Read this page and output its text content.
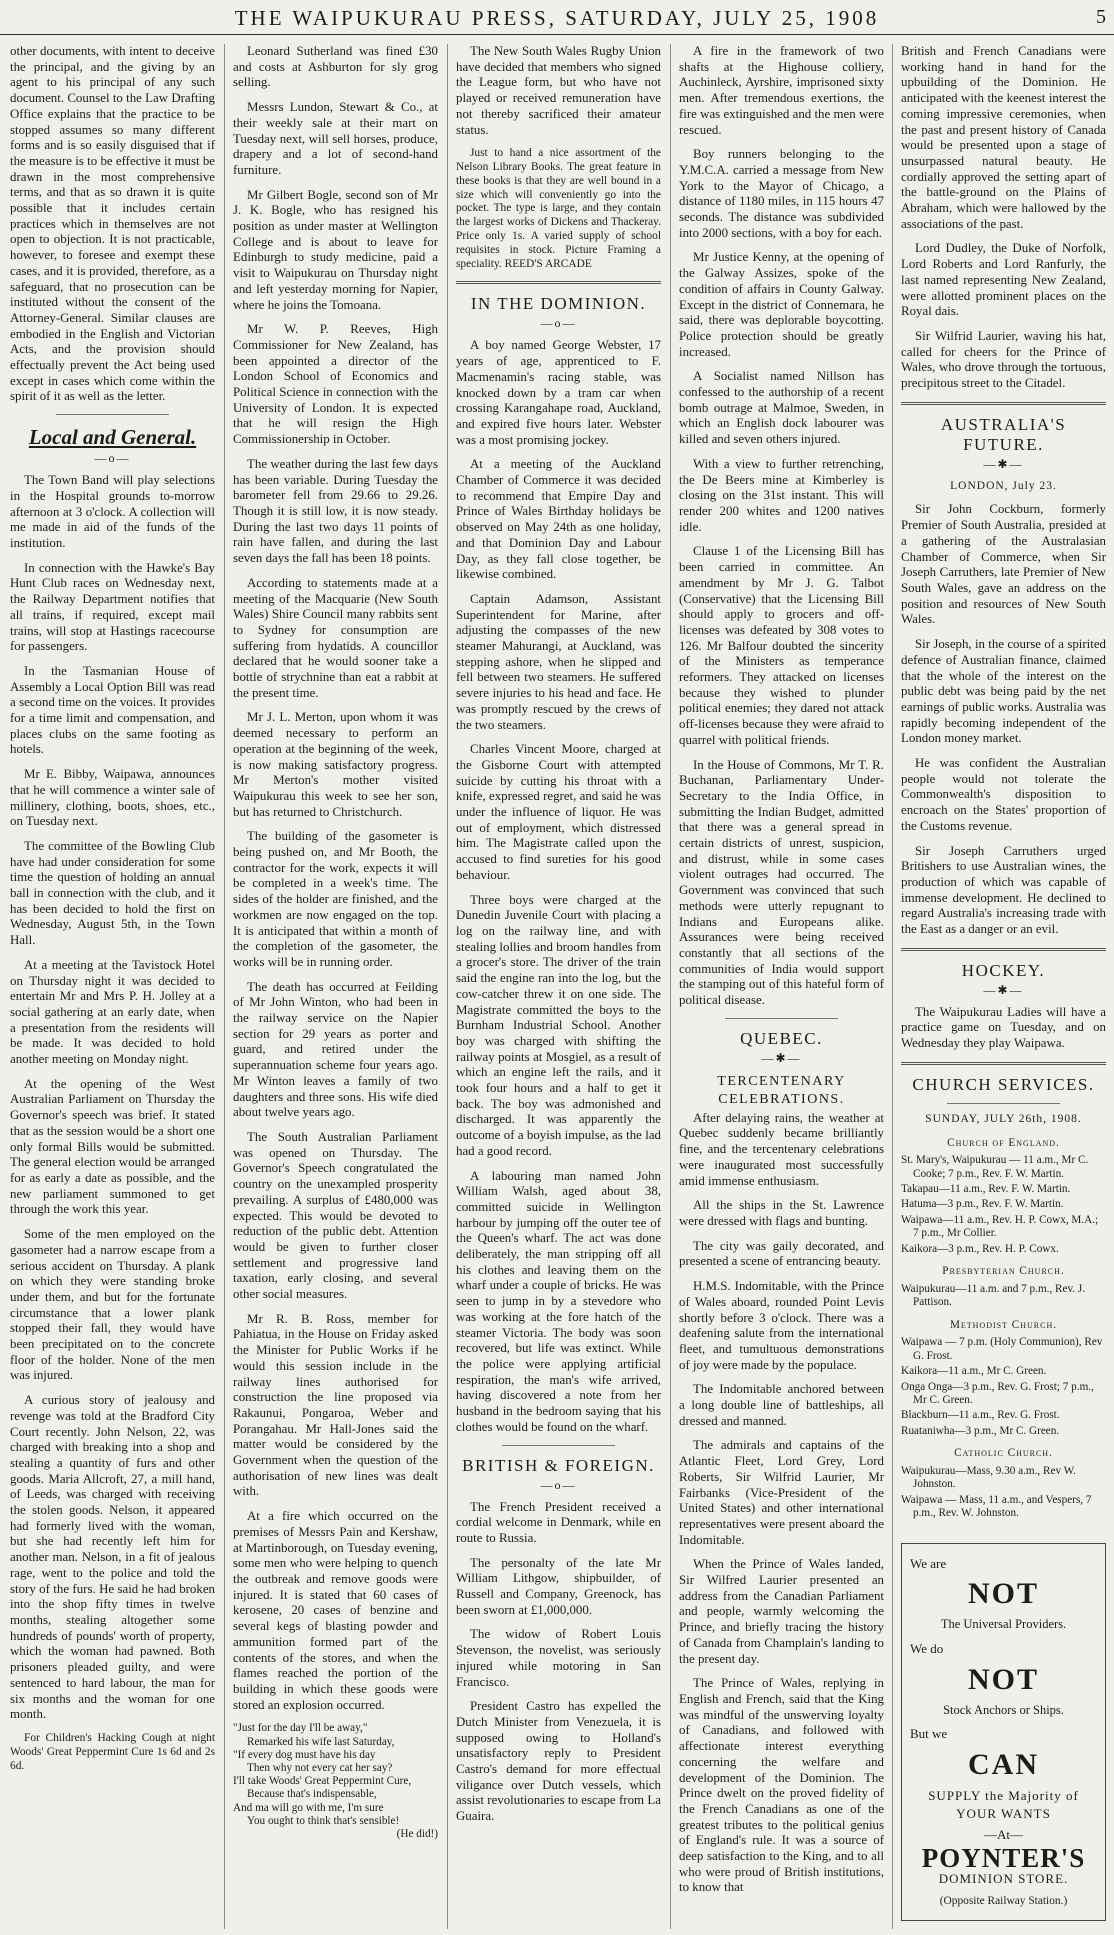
THE WAIPUKURAU PRESS, SATURDAY, JULY 25, 1908	5

other documents, with intent to deceive the principal, and the giving by an agent to his principal of any such document. Counsel to the Law Drafting Office explains that the practice to be stopped assumes so many different forms and is so easily disguised that if the measure is to be effective it must be drawn in the most comprehensive terms, and that as so drawn it is quite possible that it includes certain practices which in themselves are not open to objection. It is not practicable, however, to foresee and exempt these cases, and it is provided, therefore, as a safeguard, that no prosecution can be instituted without the consent of the Attorney-General. Similar clauses are embodied in the English and Victorian Acts, and the provision should effectually prevent the Act being used except in cases which come within the spirit of it as well as the letter.

Local and General.
—o—

The Town Band will play selections in the Hospital grounds to-morrow afternoon at 3 o'clock. A collection will me made in aid of the funds of the institution.

In connection with the Hawke's Bay Hunt Club races on Wednesday next, the Railway Department notifies that all trains, if required, except mail trains, will stop at Hastings racecourse for passengers.

In the Tasmanian House of Assembly a Local Option Bill was read a second time on the voices. It provides for a time limit and compensation, and places clubs on the same footing as hotels.

Mr E. Bibby, Waipawa, announces that he will commence a winter sale of millinery, clothing, boots, shoes, etc., on Tuesday next.

The committee of the Bowling Club have had under consideration for some time the question of holding an annual ball in connection with the club, and it has been decided to hold the first on Wednesday, August 5th, in the Town Hall.

At a meeting at the Tavistock Hotel on Thursday night it was decided to entertain Mr and Mrs P. H. Jolley at a social gathering at an early date, when a presentation from the residents will be made. It was decided to hold another meeting on Monday night.

At the opening of the West Australian Parliament on Thursday the Governor's speech was brief. It stated that as the session would be a short one only formal Bills would be submitted. The general election would be arranged for as early a date as possible, and the new parliament summoned to get through the work this year.

Some of the men employed on the gasometer had a narrow escape from a serious accident on Thursday. A plank on which they were standing broke under them, and but for the fortunate circumstance that a lower plank stopped their fall, they would have been precipitated on to the concrete floor of the holder. None of the men was injured.

A curious story of jealousy and revenge was told at the Bradford City Court recently. John Nelson, 22, was charged with breaking into a shop and stealing a quantity of furs and other goods. Maria Allcroft, 27, a mill hand, of Leeds, was charged with receiving the stolen goods. Nelson, it appeared had formerly lived with the woman, but she had recently left him for another man. Nelson, in a fit of jealous rage, went to the police and told the story of the furs. He said he had broken into the shop fifty times in twelve months, stealing altogether some hundreds of pounds' worth of property, which the woman had pawned. Both prisoners pleaded guilty, and were sentenced to hard labour, the man for six months and the woman for one month.

For Children's Hacking Cough at night Woods' Great Peppermint Cure 1s 6d and 2s 6d.

Leonard Sutherland was fined £30 and costs at Ashburton for sly grog selling.

Messrs Lundon, Stewart & Co., at their weekly sale at their mart on Tuesday next, will sell horses, produce, drapery and a lot of second-hand furniture.

Mr Gilbert Bogle, second son of Mr J. K. Bogle, who has resigned his position as under master at Wellington College and is about to leave for Edinburgh to study medicine, paid a visit to Waipukurau on Thursday night and left yesterday morning for Napier, where he joins the Tomoana.

Mr W. P. Reeves, High Commissioner for New Zealand, has been appointed a director of the London School of Economics and Political Science in connection with the University of London. It is expected that he will resign the High Commissionership in October.

The weather during the last few days has been variable. During Tuesday the barometer fell from 29.66 to 29.26. Though it is still low, it is now steady. During the last two days 11 points of rain have fallen, and during the last seven days the fall has been 18 points.

According to statements made at a meeting of the Macquarie (New South Wales) Shire Council many rabbits sent to Sydney for consumption are suffering from hydatids. A councillor declared that he would sooner take a bottle of strychnine than eat a rabbit at the present time.

Mr J. L. Merton, upon whom it was deemed necessary to perform an operation at the beginning of the week, is now making satisfactory progress. Mr Merton's mother visited Waipukurau this week to see her son, but has returned to Christchurch.

The building of the gasometer is being pushed on, and Mr Booth, the contractor for the work, expects it will be completed in a week's time. The sides of the holder are finished, and the workmen are now engaged on the top. It is anticipated that within a month of the completion of the gasometer, the works will be in running order.

The death has occurred at Feilding of Mr John Winton, who had been in the railway service on the Napier section for 29 years as porter and guard, and retired under the superannuation scheme four years ago. Mr Winton leaves a family of two daughters and three sons. His wife died about twelve years ago.

The South Australian Parliament was opened on Thursday. The Governor's Speech congratulated the country on the unexampled prosperity prevailing. A surplus of £480,000 was expected. This would be devoted to reduction of the public debt. Attention would be given to further closer settlement and progressive land taxation, early closing, and several other social measures.

Mr R. B. Ross, member for Pahiatua, in the House on Friday asked the Minister for Public Works if he would this session include in the railway lines authorised for construction the line proposed via Rakaunui, Pongaroa, Weber and Porangahau. Mr Hall-Jones said the matter would be considered by the Government when the question of the authorisation of new lines was dealt with.

At a fire which occurred on the premises of Messrs Pain and Kershaw, at Martinborough, on Tuesday evening, some men who were helping to quench the outbreak and remove goods were injured. It is stated that 60 cases of kerosene, 20 cases of benzine and several kegs of blasting powder and ammunition formed part of the contents of the stores, and when the flames reached the portion of the building in which these goods were stored an explosion occurred.

"Just for the day I'll be away,"
Remarked his wife last Saturday,
"If every dog must have his day
Then why not every cat her say?
I'll take Woods' Great Peppermint Cure,
Because that's indispensable,
And ma will go with me, I'm sure
You ought to think that's sensible!
(He did!)

The New South Wales Rugby Union have decided that members who signed the League form, but who have not played or received remuneration have not thereby sacrificed their amateur status.

Just to hand a nice assortment of the Nelson Library Books. The great feature in these books is that they are well bound in a size which will conveniently go into the pocket. The type is large, and they contain the largest works of Dickens and Thackeray. Price only 1s. A varied supply of school requisites in stock. Picture Framing a speciality. REED'S ARCADE

IN THE DOMINION.
—o—

A boy named George Webster, 17 years of age, apprenticed to F. Macmenamin's racing stable, was knocked down by a tram car when crossing Karangahape road, Auckland, and expired five hours later. Webster was a most promising jockey.

At a meeting of the Auckland Chamber of Commerce it was decided to recommend that Empire Day and Prince of Wales Birthday holidays be observed on May 24th as one holiday, and that Dominion Day and Labour Day, as they fall close together, be likewise combined.

Captain Adamson, Assistant Superintendent for Marine, after adjusting the compasses of the new steamer Mahurangi, at Auckland, was stepping ashore, when he slipped and fell between two steamers. He suffered severe injuries to his head and face. He was promptly rescued by the crews of the two steamers.

Charles Vincent Moore, charged at the Gisborne Court with attempted suicide by cutting his throat with a knife, expressed regret, and said he was under the influence of liquor. He was out of employment, which distressed him. The Magistrate called upon the accused to find sureties for his good behaviour.

Three boys were charged at the Dunedin Juvenile Court with placing a log on the railway line, and with stealing lollies and broom handles from a grocer's store. The driver of the train said the engine ran into the log, but the cow-catcher threw it on one side. The Magistrate committed the boys to the Burnham Industrial School. Another boy was charged with shifting the railway points at Mosgiel, as a result of which an engine left the rails, and it took four hours and a half to get it back. The boy was admonished and discharged. It was apparently the outcome of a boyish impulse, as the lad had a good record.

A labouring man named John William Walsh, aged about 38, committed suicide in Wellington harbour by jumping off the outer tee of the Queen's wharf. The act was done deliberately, the man stripping off all his clothes and leaving them on the wharf under a couple of bricks. He was seen to jump in by a stevedore who was working at the fore hatch of the steamer Victoria. The body was soon recovered, but life was extinct. While the police were applying artificial respiration, the man's wife arrived, having discovered a note from her husband in the bedroom saying that his clothes would be found on the wharf.

BRITISH & FOREIGN.
—o—

The French President received a cordial welcome in Denmark, while en route to Russia.

The personalty of the late Mr William Lithgow, shipbuilder, of Russell and Company, Greenock, has been sworn at £1,000,000.

The widow of Robert Louis Stevenson, the novelist, was seriously injured while motoring in San Francisco.

President Castro has expelled the Dutch Minister from Venezuela, it is supposed owing to Holland's unsatisfactory reply to President Castro's demand for more effectual viligance over Dutch vessels, which assist revolutionaries to escape from La Guaira.

A fire in the framework of two shafts at the Highouse colliery, Auchinleck, Ayrshire, imprisoned sixty men. After tremendous exertions, the fire was extinguished and the men were rescued.

Boy runners belonging to the Y.M.C.A. carried a message from New York to the Mayor of Chicago, a distance of 1180 miles, in 115 hours 47 seconds. The distance was subdivided into 2000 sections, with a boy for each.

Mr Justice Kenny, at the opening of the Galway Assizes, spoke of the condition of affairs in County Galway. Except in the district of Connemara, he said, there was deplorable boycotting. Police protection should be greatly increased.

A Socialist named Nillson has confessed to the authorship of a recent bomb outrage at Malmoe, Sweden, in which an English dock labourer was killed and seven others injured.

With a view to further retrenching, the De Beers mine at Kimberley is closing on the 31st instant. This will render 200 whites and 1200 natives idle.

Clause 1 of the Licensing Bill has been carried in committee. An amendment by Mr J. G. Talbot (Conservative) that the Licensing Bill should apply to grocers and off-licenses was defeated by 308 votes to 126. Mr Balfour doubted the sincerity of the Ministers as temperance reformers. They attacked on licenses because they wished to plunder political enemies; they dared not attack off-licenses because they were afraid to quarrel with political friends.

In the House of Commons, Mr T. R. Buchanan, Parliamentary Under-Secretary to the India Office, in submitting the Indian Budget, admitted that there was a general spread in certain districts of unrest, suspicion, and distrust, while in some cases violent outrages had occurred. The Government was convinced that such methods were utterly repugnant to Indians and Europeans alike. Assurances were being received constantly that all sections of the communities of India would support the stamping out of this hateful form of political disease.

QUEBEC.
—✱—
TERCENTENARY CELEBRATIONS.

After delaying rains, the weather at Quebec suddenly became brilliantly fine, and the tercentenary celebrations were inaugurated most successfully amid immense enthusiasm.

All the ships in the St. Lawrence were dressed with flags and bunting.

The city was gaily decorated, and presented a scene of entrancing beauty.

H.M.S. Indomitable, with the Prince of Wales aboard, rounded Point Levis shortly before 3 o'clock. There was a deafening salute from the international fleet, and tumultuous demonstrations of joy were made by the populace.

The Indomitable anchored between a long double line of battleships, all dressed and manned.

The admirals and captains of the Atlantic Fleet, Lord Grey, Lord Roberts, Sir Wilfrid Laurier, Mr Fairbanks (Vice-President of the United States) and other international representatives were present aboard the Indomitable.

When the Prince of Wales landed, Sir Wilfred Laurier presented an address from the Canadian Parliament and people, warmly welcoming the Prince, and briefly tracing the history of Canada from Champlain's landing to the present day.

The Prince of Wales, replying in English and French, said that the King was mindful of the unswerving loyalty of Canadians, and followed with affectionate interest everything concerning the welfare and development of the Dominion. The Prince dwelt on the proved fidelity of the French Canadians as one of the greatest tributes to the political genius of England's rule. It was a source of deep satisfaction to the King, and to all who were proud of British institutions, to know that

British and French Canadians were working hand in hand for the upbuilding of the Dominion. He anticipated with the keenest interest the coming impressive ceremonies, when the past and present history of Canada would be presented upon a stage of unsurpassed natural beauty. He cordially approved the setting apart of the battle-ground on the Plains of Abraham, which were hallowed by the associations of the past.

Lord Dudley, the Duke of Norfolk, Lord Roberts and Lord Ranfurly, the last named representing New Zealand, were allotted prominent places on the Royal dais.

Sir Wilfrid Laurier, waving his hat, called for cheers for the Prince of Wales, who drove through the tortuous, precipitous street to the Citadel.

AUSTRALIA'S FUTURE.
—✱—
LONDON, July 23.

Sir John Cockburn, formerly Premier of South Australia, presided at a gathering of the Australasian Chamber of Commerce, when Sir Joseph Carruthers, late Premier of New South Wales, gave an address on the position and resources of New South Wales.

Sir Joseph, in the course of a spirited defence of Australian finance, claimed that the whole of the interest on the public debt was being paid by the net earnings of public works. Australia was rapidly becoming independent of the London money market.

He was confident the Australian people would not tolerate the Commonwealth's disposition to encroach on the States' proportion of the Customs revenue.

Sir Joseph Carruthers urged Britishers to use Australian wines, the production of which was capable of immense development. He declined to regard Australia's increasing trade with the East as a danger or an evil.

HOCKEY.
—✱—

The Waipukurau Ladies will have a practice game on Tuesday, and on Wednesday they play Waipawa.

CHURCH SERVICES.
SUNDAY, JULY 26th, 1908.
Church of England.
St. Mary's, Waipukurau — 11 a.m., Mr C. Cooke; 7 p.m., Rev. F. W. Martin.
Takapau—11 a.m., Rev. F. W. Martin.
Hatuma—3 p.m., Rev. F. W. Martin.
Waipawa—11 a.m., Rev. H. P. Cowx, M.A.; 7 p.m., Mr Collier.
Kaikora—3 p.m., Rev. H. P. Cowx.
Presbyterian Church.
Waipukurau—11 a.m. and 7 p.m., Rev. J. Pattison.
Methodist Church.
Waipawa — 7 p.m. (Holy Communion), Rev G. Frost.
Kaikora—11 a.m., Mr C. Green.
Onga Onga—3 p.m., Rev. G. Frost; 7 p.m., Mr C. Green.
Blackburn—11 a.m., Rev. G. Frost.
Ruataniwha—3 p.m., Mr C. Green.
Catholic Church.
Waipukurau—Mass, 9.30 a.m., Rev W. Johnston.
Waipawa — Mass, 11 a.m., and Vespers, 7 p.m., Rev. W. Johnston.
We are
NOT
The Universal Providers.
We do
NOT
Stock Anchors or Ships.
But we
CAN
SUPPLY the Majority of
YOUR WANTS
—At—
POYNTER'S
DOMINION STORE.
(Opposite Railway Station.)
